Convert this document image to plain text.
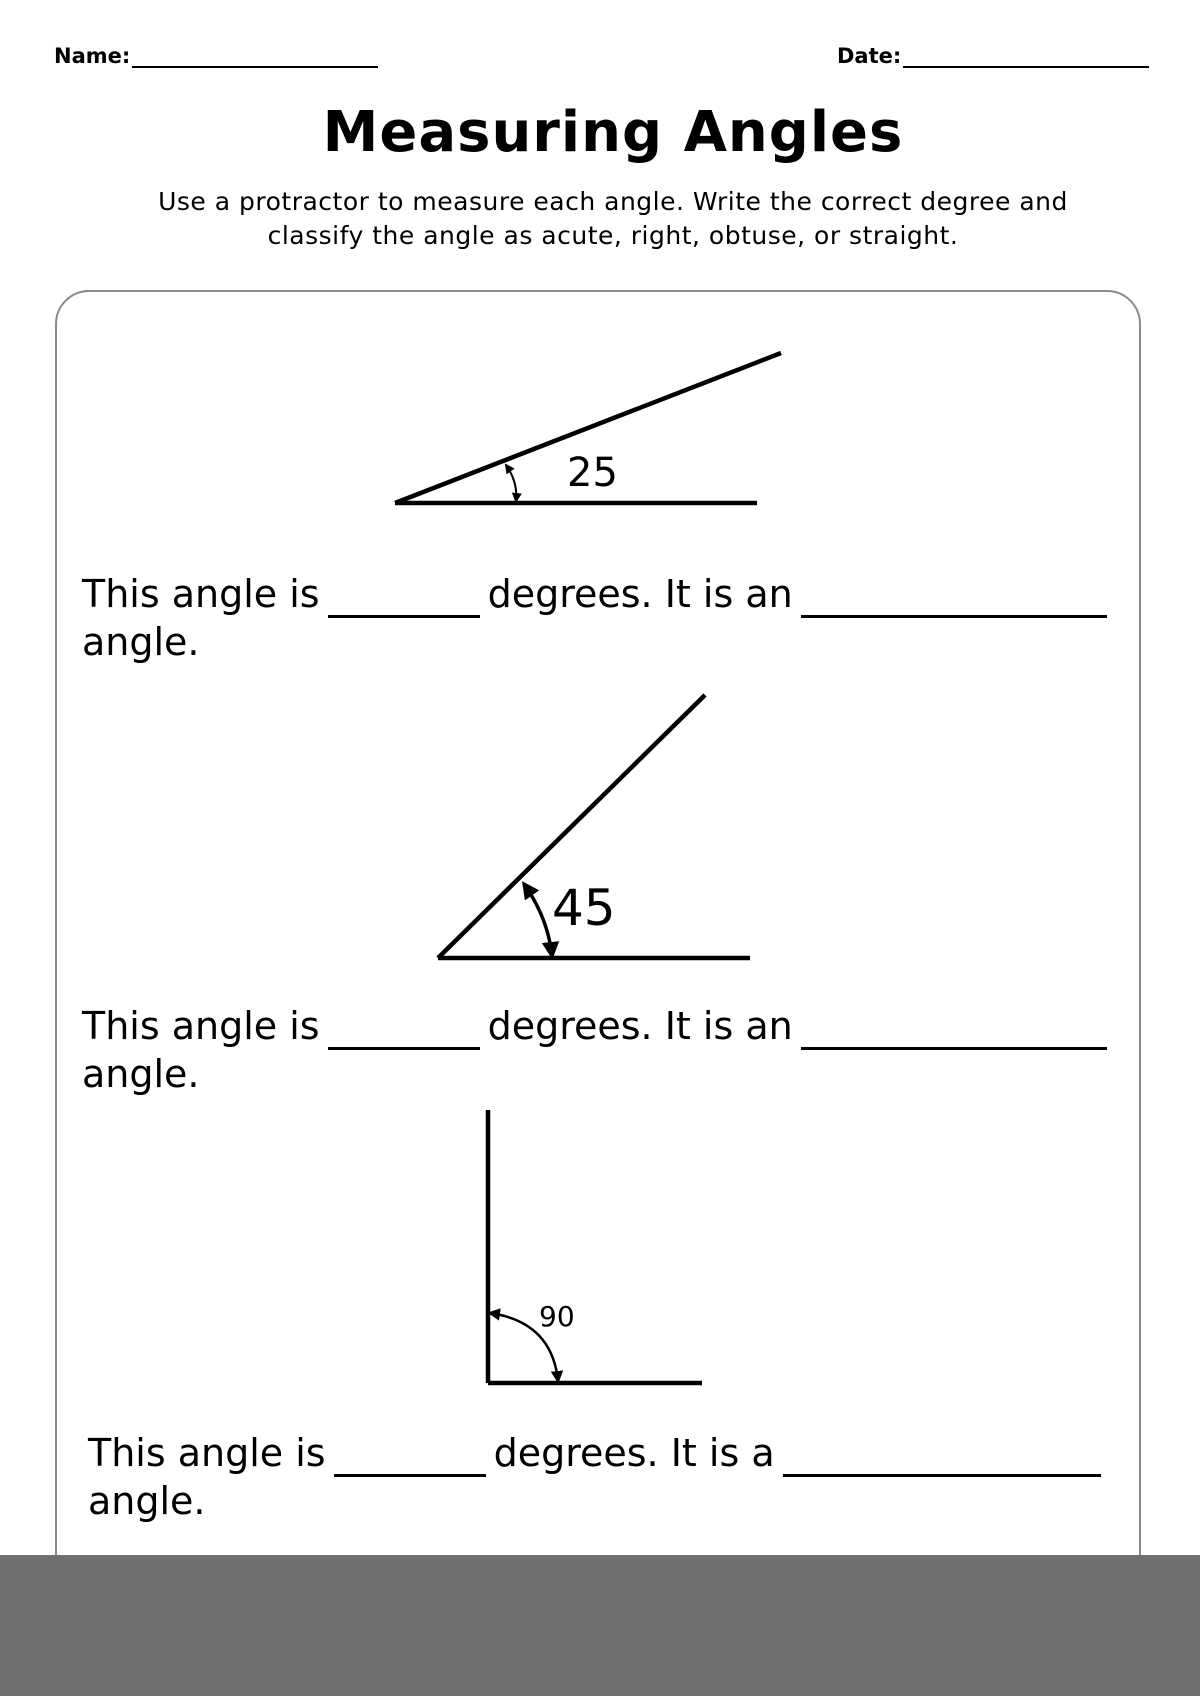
Name:	Date:
Measuring Angles
Use a protractor to measure each angle. Write the correct degree and
classify the angle as acute, right, obtuse, or straight.
25
45
90
This angle is	degrees. It is an
angle.
This angle is	degrees. It is an
angle.
This angle is	degrees. It is a
angle.
